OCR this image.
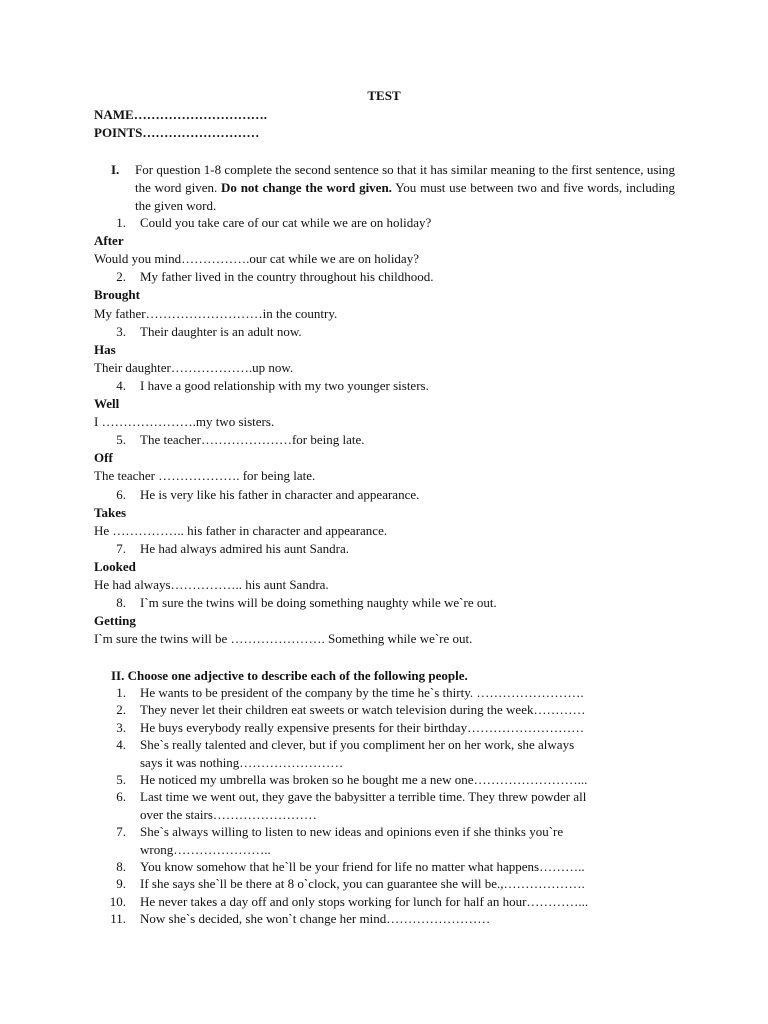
TEST
NAME………………………….
POINTS………………………
I. For question 1-8 complete the second sentence so that it has similar meaning to the first sentence, using the word given. Do not change the word given. You must use between two and five words, including the given word.
1. Could you take care of our cat while we are on holiday?
After
Would you mind…………….our cat while we are on holiday?
2. My father lived in the country throughout his childhood.
Brought
My father………………………in the country.
3. Their daughter is an adult now.
Has
Their daughter……………….up now.
4. I have a good relationship with my two younger sisters.
Well
I ………………….my two sisters.
5. The teacher…………………for being late.
Off
The teacher ………………. for being late.
6. He is very like his father in character and appearance.
Takes
He …………….. his father in character and appearance.
7. He had always admired his aunt Sandra.
Looked
He had always…………….. his aunt Sandra.
8. I`m sure the twins will be doing something naughty while we`re out.
Getting
I`m sure the twins will be …………………. Something while we`re out.
II. Choose one adjective to describe each of the following people.
1. He wants to be president of the company by the time he`s thirty. …………………….
2. They never let their children eat sweets or watch television during the week…………
3. He buys everybody really expensive presents for their birthday………………………
4. She`s really talented and clever, but if you compliment her on her work, she always
says it was nothing……………………
5. He noticed my umbrella was broken so he bought me a new one……………………...
6. Last time we went out, they gave the babysitter a terrible time. They threw powder all
over the stairs……………………
7. She`s always willing to listen to new ideas and opinions even if she thinks you`re
wrong…………………..
8. You know somehow that he`ll be your friend for life no matter what happens………..
9. If she says she`ll be there at 8 o`clock, you can guarantee she will be.,……………….
10. He never takes a day off and only stops working for lunch for half an hour…………...
11. Now she`s decided, she won`t change her mind……………………
